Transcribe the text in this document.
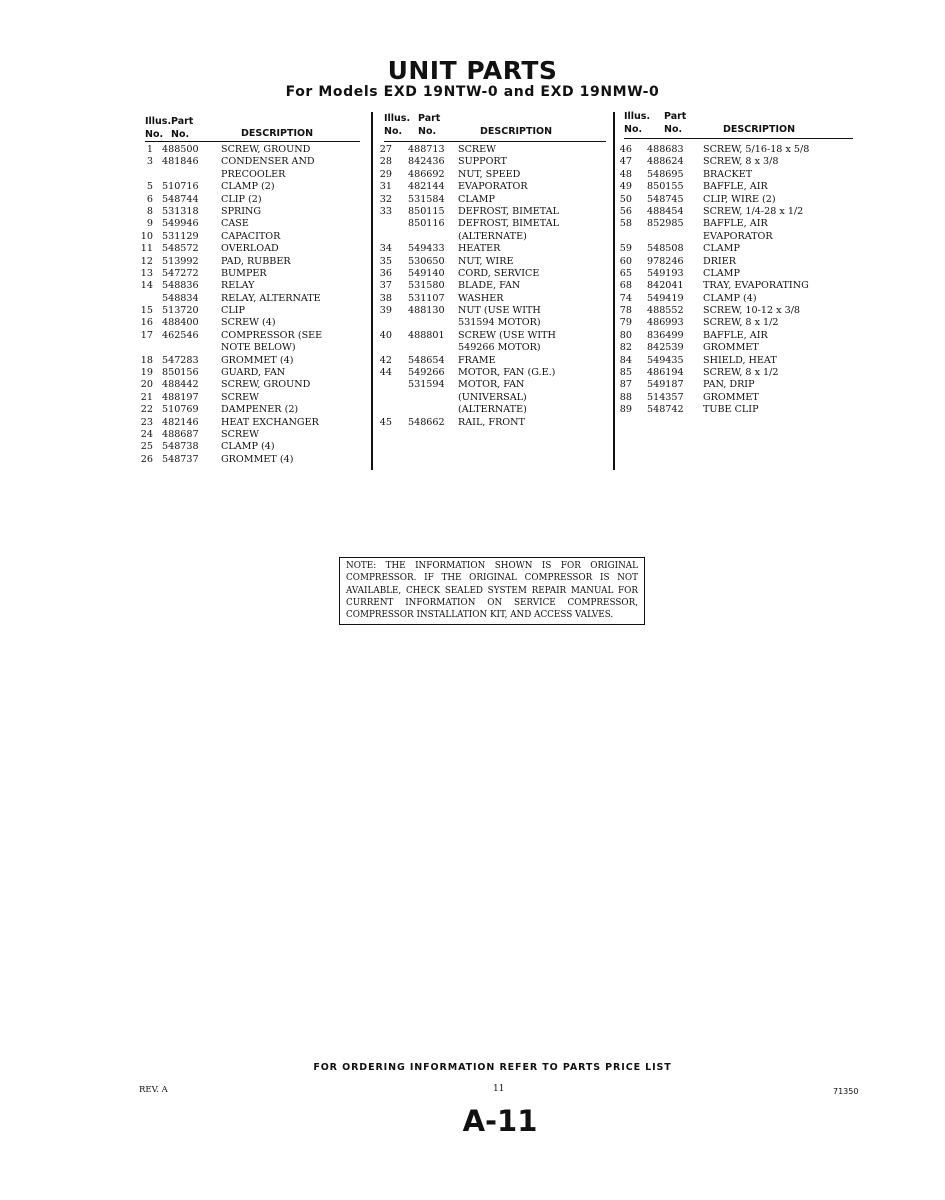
UNIT PARTS
For Models EXD 19NTW-0 and EXD 19NMW-0
Illus. No.
Part No.	DESCRIPTION
1 488500 SCREW, GROUND
3 481846 CONDENSER AND
PRECOOLER
5 510716 CLAMP (2)
6 548744 CLIP (2)
8 531318 SPRING
9 549946 CASE
10 531129 CAPACITOR
11 548572 OVERLOAD
12 513992 PAD, RUBBER
13 547272 BUMPER
14 548836 RELAY
548834 RELAY, ALTERNATE
15 513720 CLIP
16 488400 SCREW (4)
17 462546 COMPRESSOR (SEE
NOTE BELOW)
18 547283 GROMMET (4)
19 850156 GUARD, FAN
20 488442 SCREW, GROUND
21 488197 SCREW
22 510769 DAMPENER (2)
23 482146 HEAT EXCHANGER
24 488687 SCREW
25 548738 CLAMP (4)
26 548737 GROMMET (4)
Illus. No.
Part No.	DESCRIPTION
27 488713 SCREW
28 842436 SUPPORT
29 486692 NUT, SPEED
31 482144 EVAPORATOR
32 531584 CLAMP
33 850115 DEFROST, BIMETAL
850116 DEFROST, BIMETAL
(ALTERNATE)
34 549433 HEATER
35 530650 NUT, WIRE
36 549140 CORD, SERVICE
37 531580 BLADE, FAN
38 531107 WASHER
39 488130 NUT (USE WITH
531594 MOTOR)
40 488801 SCREW (USE WITH
549266 MOTOR)
42 548654 FRAME
44 549266 MOTOR, FAN (G.E.)
531594 MOTOR, FAN
(UNIVERSAL)
(ALTERNATE)
45 548662 RAIL, FRONT
Illus. No.
Part No.	DESCRIPTION
46 488683 SCREW, 5/16-18 x 5/8
47 488624 SCREW, 8 x 3/8
48 548695 BRACKET
49 850155 BAFFLE, AIR
50 548745 CLIP, WIRE (2)
56 488454 SCREW, 1/4-28 x 1/2
58 852985 BAFFLE, AIR
EVAPORATOR
59 548508 CLAMP
60 978246 DRIER
65 549193 CLAMP
68 842041 TRAY, EVAPORATING
74 549419 CLAMP (4)
78 488552 SCREW, 10-12 x 3/8
79 486993 SCREW, 8 x 1/2
80 836499 BAFFLE, AIR
82 842539 GROMMET
84 549435 SHIELD, HEAT
85 486194 SCREW, 8 x 1/2
87 549187 PAN, DRIP
88 514357 GROMMET
89 548742 TUBE CLIP
NOTE: THE INFORMATION SHOWN IS FOR ORIGINAL COMPRESSOR. IF THE ORIGINAL COMPRESSOR IS NOT AVAILABLE, CHECK SEALED SYSTEM REPAIR MANUAL FOR CURRENT INFORMATION ON SERVICE COMPRESSOR, COMPRESSOR INSTALLATION KIT, AND ACCESS VALVES.
FOR ORDERING INFORMATION REFER TO PARTS PRICE LIST
REV. A	11	71350
A-11
